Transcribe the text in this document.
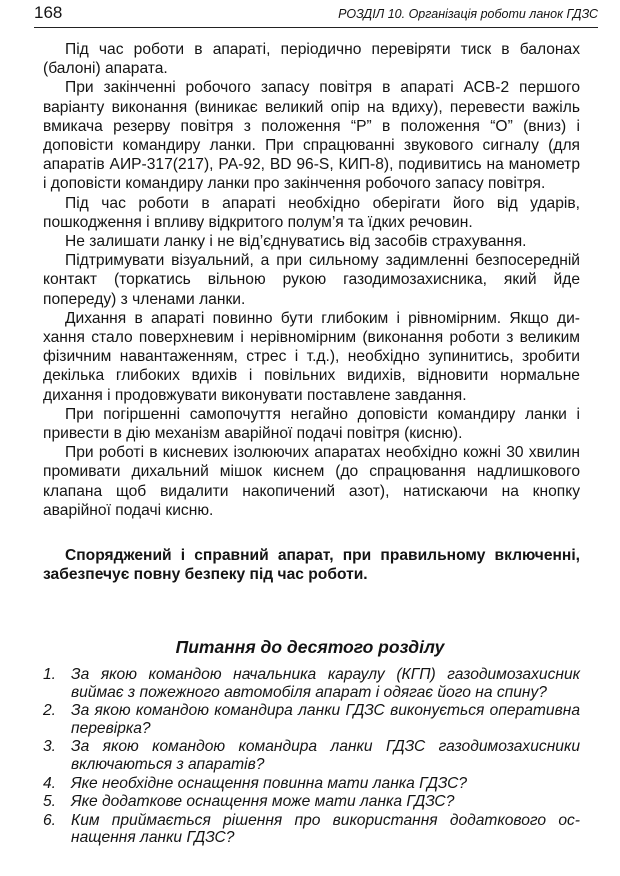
168	РОЗДІЛ 10. Організація роботи ланок ГДЗС

Під час роботи в апараті, періодично перевіряти тиск в балонах (балоні) апарата.

При закінченні робочого запасу повітря в апараті АСВ-2 першого варіанту виконання (виникає великий опір на вдиху), перевести важіль вмикача резерву повітря з положення “Р” в положення “О” (вниз) і доповісти командиру ланки. При спрацюванні звукового сигналу (для апаратів АИР-317(217), РА-92, BD 96-S, КИП-8), подивитись на манометр і доповісти командиру ланки про закінчення робочого запасу повітря.

Під час роботи в апараті необхідно оберігати його від ударів, пошкодження і впливу відкритого полум’я та їдких речовин.

Не залишати ланку і не від’єднуватись від засобів страхування.

Підтримувати візуальний, а при сильному задимленні безпосередній контакт (торкатись вільною рукою газодимозахисника, який йде попереду) з членами ланки.

Дихання в апараті повинно бути глибоким і рівномірним. Якщо дихання стало поверхневим і нерівномірним (виконання роботи з великим фізичним навантаженням, стрес і т.д.), необхідно зупинитись, зробити декілька глибоких вдихів і повільних видихів, відновити нормальне дихання і продовжувати виконувати поставлене завдання.

При погіршенні самопочуття негайно доповісти командиру ланки і привести в дію механізм аварійної подачі повітря (кисню).

При роботі в кисневих ізолюючих апаратах необхідно кожні 30 хвилин промивати дихальний мішок киснем (до спрацювання надлишкового клапана щоб видалити накопичений азот), натискаючи на кнопку аварійної подачі кисню.

Споряджений і справний апарат, при правильному включенні, забезпечує повну безпеку під час роботи.

Питання до десятого розділу
1. За якою командою начальника караулу (КГП) газодимозахисник виймає з пожежного автомобіля апарат і одягає його на спину?
2. За якою командою командира ланки ГДЗС виконується оперативна перевірка?
3. За якою командою командира ланки ГДЗС газодимозахисники включаються з апаратів?
4. Яке необхідне оснащення повинна мати ланка ГДЗС?
5. Яке додаткове оснащення може мати ланка ГДЗС?
6. Ким приймається рішення про використання додаткового оснащення ланки ГДЗС?
